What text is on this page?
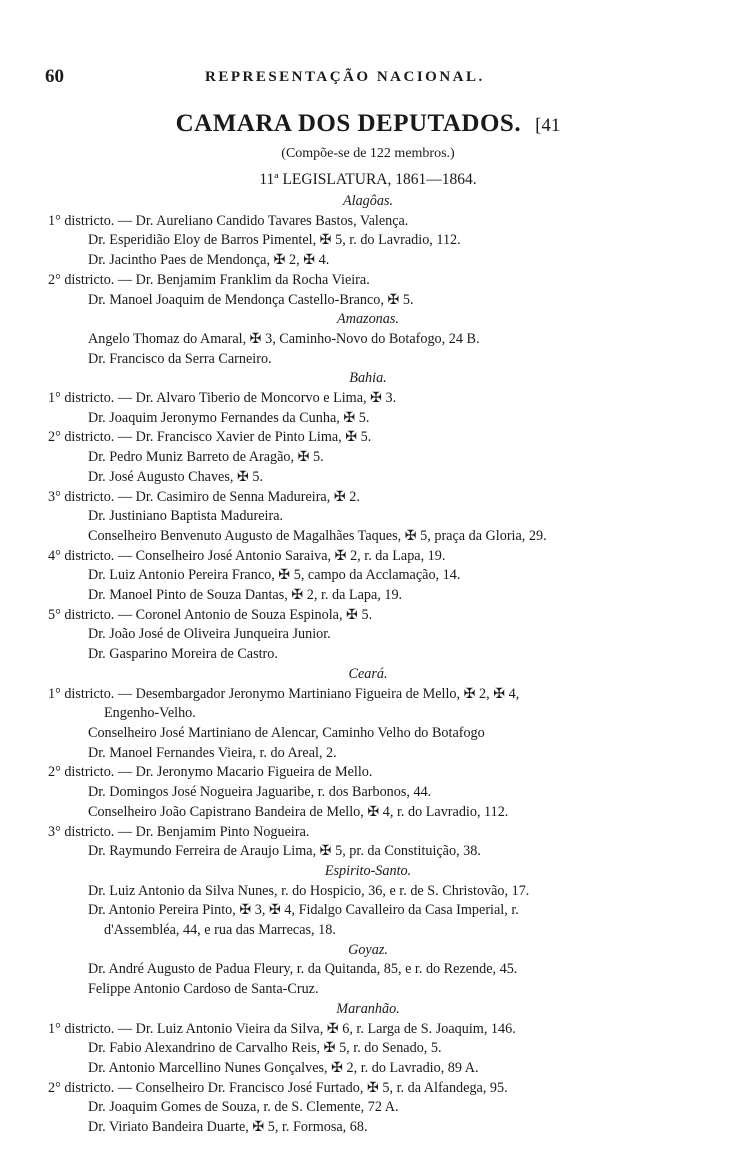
60	REPRESENTAÇÃO NACIONAL.
CAMARA DOS DEPUTADOS. [41
(Compõe-se de 122 membros.)
11ª LEGISLATURA, 1861—1864.
Alagôas.
1° districto. — Dr. Aureliano Candido Tavares Bastos, Valença.
Dr. Esperidião Eloy de Barros Pimentel, ✠ 5, r. do Lavradio, 112.
Dr. Jacintho Paes de Mendonça, ✠ 2, ✠ 4.
2° districto. — Dr. Benjamim Franklim da Rocha Vieira.
Dr. Manoel Joaquim de Mendonça Castello-Branco, ✠ 5.
Amazonas.
Angelo Thomaz do Amaral, ✠ 3, Caminho-Novo do Botafogo, 24 B.
Dr. Francisco da Serra Carneiro.
Bahia.
1° districto. — Dr. Alvaro Tiberio de Moncorvo e Lima, ✠ 3.
Dr. Joaquim Jeronymo Fernandes da Cunha, ✠ 5.
2° districto. — Dr. Francisco Xavier de Pinto Lima, ✠ 5.
Dr. Pedro Muniz Barreto de Aragão, ✠ 5.
Dr. José Augusto Chaves, ✠ 5.
3° districto. — Dr. Casimiro de Senna Madureira, ✠ 2.
Dr. Justiniano Baptista Madureira.
Conselheiro Benvenuto Augusto de Magalhães Taques, ✠ 5, praça da Gloria, 29.
4° districto. — Conselheiro José Antonio Saraiva, ✠ 2, r. da Lapa, 19.
Dr. Luiz Antonio Pereira Franco, ✠ 5, campo da Acclamação, 14.
Dr. Manoel Pinto de Souza Dantas, ✠ 2, r. da Lapa, 19.
5° districto. — Coronel Antonio de Souza Espinola, ✠ 5.
Dr. João José de Oliveira Junqueira Junior.
Dr. Gasparino Moreira de Castro.
Ceará.
1° districto. — Desembargador Jeronymo Martiniano Figueira de Mello, ✠ 2, ✠ 4,
Engenho-Velho.
Conselheiro José Martiniano de Alencar, Caminho Velho do Botafogo
Dr. Manoel Fernandes Vieira, r. do Areal, 2.
2° districto. — Dr. Jeronymo Macario Figueira de Mello.
Dr. Domingos José Nogueira Jaguaribe, r. dos Barbonos, 44.
Conselheiro João Capistrano Bandeira de Mello, ✠ 4, r. do Lavradio, 112.
3° districto. — Dr. Benjamim Pinto Nogueira.
Dr. Raymundo Ferreira de Araujo Lima, ✠ 5, pr. da Constituição, 38.
Espirito-Santo.
Dr. Luiz Antonio da Silva Nunes, r. do Hospicio, 36, e r. de S. Christovão, 17.
Dr. Antonio Pereira Pinto, ✠ 3, ✠ 4, Fidalgo Cavalleiro da Casa Imperial, r.
d'Assembléa, 44, e rua das Marrecas, 18.
Goyaz.
Dr. André Augusto de Padua Fleury, r. da Quitanda, 85, e r. do Rezende, 45.
Felippe Antonio Cardoso de Santa-Cruz.
Maranhão.
1° districto. — Dr. Luiz Antonio Vieira da Silva, ✠ 6, r. Larga de S. Joaquim, 146.
Dr. Fabio Alexandrino de Carvalho Reis, ✠ 5, r. do Senado, 5.
Dr. Antonio Marcellino Nunes Gonçalves, ✠ 2, r. do Lavradio, 89 A.
2° districto. — Conselheiro Dr. Francisco José Furtado, ✠ 5, r. da Alfandega, 95.
Dr. Joaquim Gomes de Souza, r. de S. Clemente, 72 A.
Dr. Viriato Bandeira Duarte, ✠ 5, r. Formosa, 68.
